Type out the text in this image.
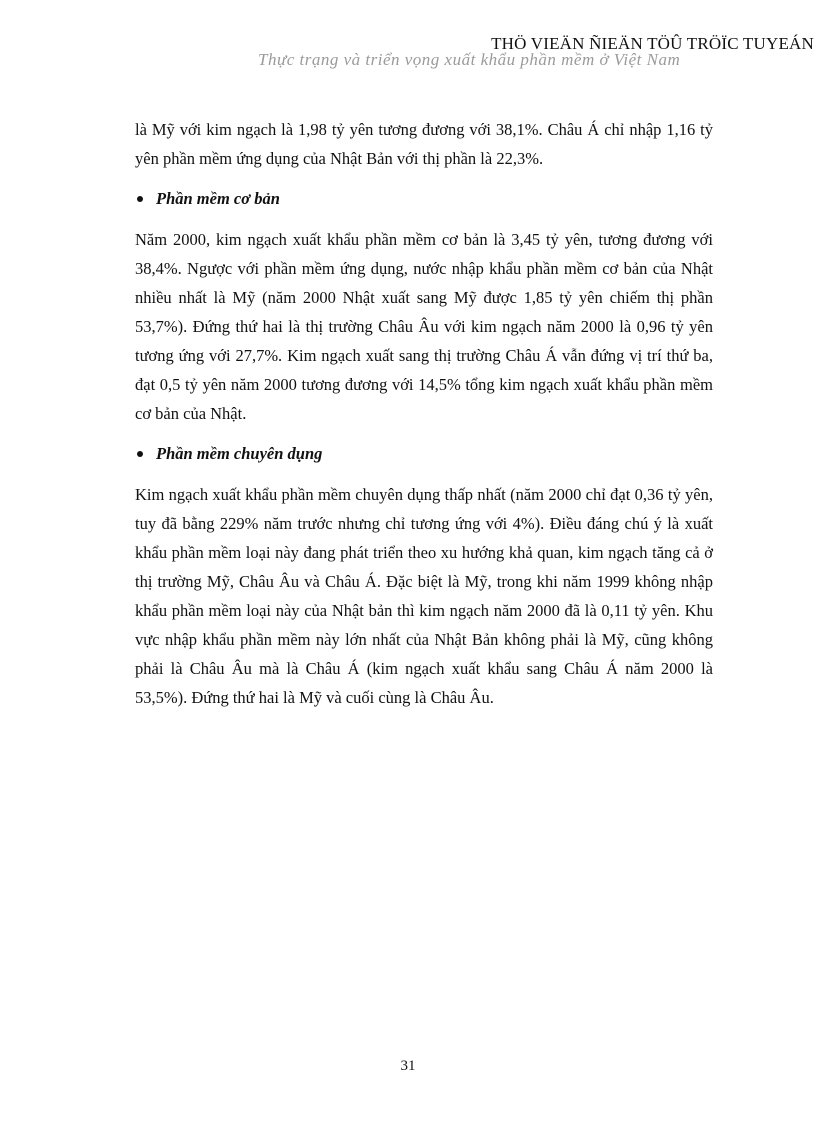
THÖ VIEÄN ÑIEÄN TÖÛ TRÖÏC TUYEÁN
Thực trạng và triển vọng xuất khẩu phần mềm ở Việt Nam

là Mỹ với kim ngạch là 1,98 tỷ yên tương đương với 38,1%. Châu Á chỉ nhập 1,16 tỷ yên phần mềm ứng dụng của Nhật Bản với thị phần là 22,3%.

Phần mềm cơ bản

Năm 2000, kim ngạch xuất khẩu phần mềm cơ bản là 3,45 tỷ yên, tương đương với 38,4%. Ngược với phần mềm ứng dụng, nước nhập khẩu phần mềm cơ bản của Nhật nhiều nhất là Mỹ (năm 2000 Nhật xuất sang Mỹ được 1,85 tỷ yên chiếm thị phần 53,7%). Đứng thứ hai là thị trường Châu Âu với kim ngạch năm 2000 là 0,96 tỷ yên tương ứng với 27,7%. Kim ngạch xuất sang thị trường Châu Á vẫn đứng vị trí thứ ba, đạt 0,5 tỷ yên năm 2000 tương đương với 14,5% tổng kim ngạch xuất khẩu phần mềm cơ bản của Nhật.

Phần mềm chuyên dụng

Kim ngạch xuất khẩu phần mềm chuyên dụng thấp nhất (năm 2000 chỉ đạt 0,36 tỷ yên, tuy đã bằng 229% năm trước nhưng chỉ tương ứng với 4%). Điều đáng chú ý là xuất khẩu phần mềm loại này đang phát triển theo xu hướng khả quan, kim ngạch tăng cả ở thị trường Mỹ, Châu Âu và Châu Á. Đặc biệt là Mỹ, trong khi năm 1999 không nhập khẩu phần mềm loại này của Nhật bản thì kim ngạch năm 2000 đã là 0,11 tỷ yên. Khu vực nhập khẩu phần mềm này lớn nhất của Nhật Bản không phải là Mỹ, cũng không phải là Châu Âu mà là Châu Á (kim ngạch xuất khẩu sang Châu Á năm 2000 là 53,5%). Đứng thứ hai là Mỹ và cuối cùng là Châu Âu.

31
